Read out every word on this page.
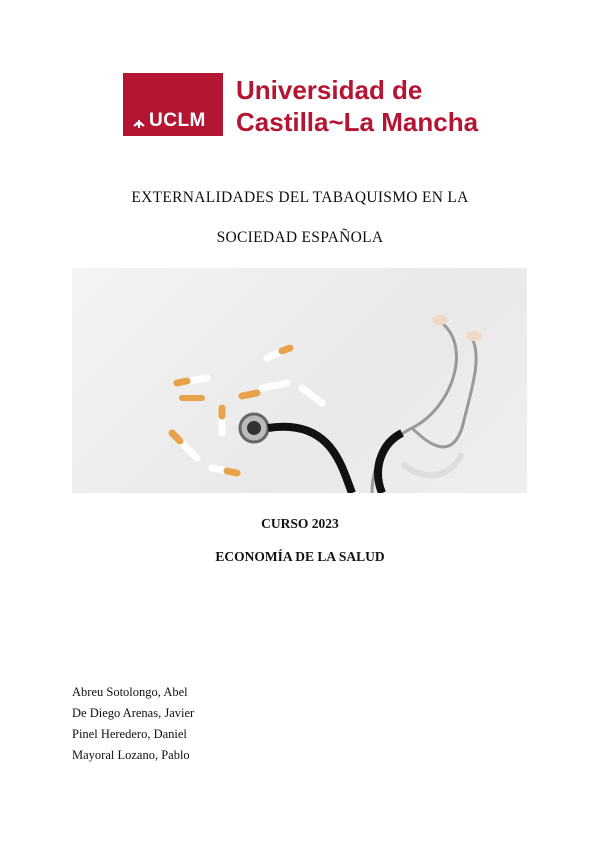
UCLM
Universidad de
Castilla~La Mancha
EXTERNALIDADES DEL TABAQUISMO EN LA
SOCIEDAD ESPAÑOLA
CURSO 2023
ECONOMÍA DE LA SALUD
Abreu Sotolongo, Abel
De Diego Arenas, Javier
Pinel Heredero, Daniel
Mayoral Lozano, Pablo
